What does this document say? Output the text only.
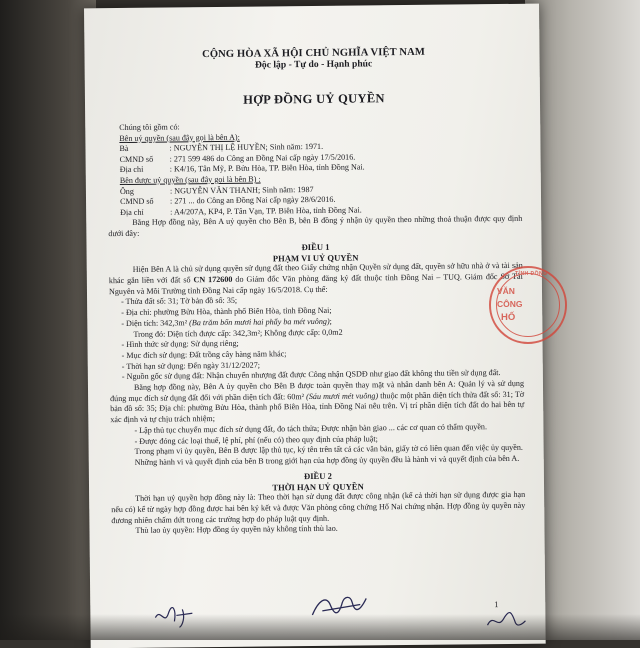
CỘNG HÒA XÃ HỘI CHỦ NGHĨA VIỆT NAM
Độc lập - Tự do - Hạnh phúc
HỢP ĐỒNG UỶ QUYỀN
Chúng tôi gồm có:
Bên uỷ quyền (sau đây gọi là bên A):
Bà	: NGUYỄN THỊ LỆ HUYỀN; Sinh năm: 1971.
CMND số	: 271 599 486 do Công an Đồng Nai cấp ngày 17/5/2016.
Địa chỉ	: K4/16, Tân Mỹ, P. Bửu Hòa, TP. Biên Hòa, tỉnh Đồng Nai.
Bên được uỷ quyền (sau đây gọi là bên B) :
Ông	: NGUYỄN VĂN THANH; Sinh năm: 1987
CMND số	: 271 ... do Công an Đồng Nai cấp ngày 28/6/2016.
Địa chỉ	: A4/207A, KP4, P. Tân Vạn, TP. Biên Hòa, tỉnh Đồng Nai.
Bằng Hợp đồng này, Bên A uỷ quyền cho Bên B, bên B đồng ý nhận ủy quyền theo những thoả thuận được quy định dưới đây:
ĐIỀU 1
PHẠM VI UỶ QUYỀN
Hiện Bên A là chủ sử dụng quyền sử dụng đất theo Giấy chứng nhận Quyền sử dụng đất, quyền sở hữu nhà ở và tài sản khác gắn liền với đất số CN 172600 do Giám đốc Văn phòng đăng ký đất thuộc tỉnh Đồng Nai – TUQ. Giám đốc Sở Tài Nguyên và Môi Trường tỉnh Đồng Nai cấp ngày 16/5/2018. Cụ thể:
- Thửa đất số: 31; Tờ bản đồ số: 35;
- Địa chỉ: phường Bửu Hòa, thành phố Biên Hòa, tỉnh Đồng Nai;
- Diện tích: 342,3m² (Ba trăm bốn mươi hai phẩy ba mét vuông);
Trong đó: Diện tích được cấp: 342,3m²; Không được cấp: 0,0m2
- Hình thức sử dụng: Sử dụng riêng;
- Mục đích sử dụng: Đất trồng cây hàng năm khác;
- Thời hạn sử dụng: Đến ngày 31/12/2027;
- Nguồn gốc sử dụng đất: Nhận chuyển nhượng đất được Công nhận QSDĐ như giao đất không thu tiền sử dụng đất.
Bằng hợp đồng này, Bên A ủy quyền cho Bên B được toàn quyền thay mặt và nhân danh bên A: Quản lý và sử dụng đúng mục đích sử dụng đất đối với phần diện tích đất: 60m² (Sáu mươi mét vuông) thuộc một phần diện tích thửa đất số: 31; Tờ bản đồ số: 35; Địa chỉ: phường Bửu Hòa, thành phố Biên Hòa, tỉnh Đồng Nai nêu trên. Vị trí phần diện tích đất do hai bên tự xác định và tự chịu trách nhiệm;
- Lập thủ tục chuyển mục đích sử dụng đất, đo tách thửa; Được nhận bàn giao ... các cơ quan có thẩm quyền.
- Được đóng các loại thuế, lệ phí, phí (nếu có) theo quy định của pháp luật;
Trong phạm vi ủy quyền, Bên B được lập thủ tục, ký tên trên tất cả các văn bản, giấy tờ có liên quan đến việc ủy quyền.
Những hành vi và quyết định của bên B trong giới hạn của hợp đồng ủy quyền đều là hành vi và quyết định của bên A.
ĐIỀU 2
THỜI HẠN UỶ QUYỀN
Thời hạn uỷ quyền hợp đồng này là: Theo thời hạn sử dụng đất được công nhận (kể cả thời hạn sử dụng được gia hạn nếu có) kể từ ngày hợp đồng được hai bên ký kết và được Văn phòng công chứng Hố Nai chứng nhận. Hợp đồng ủy quyền này đương nhiên chấm dứt trong các trường hợp do pháp luật quy định.
Thù lao ủy quyền: Hợp đồng ủy quyền này không tính thù lao.
1
TỈNH ĐỒNG
VĂN
CÔNG
HỐ
